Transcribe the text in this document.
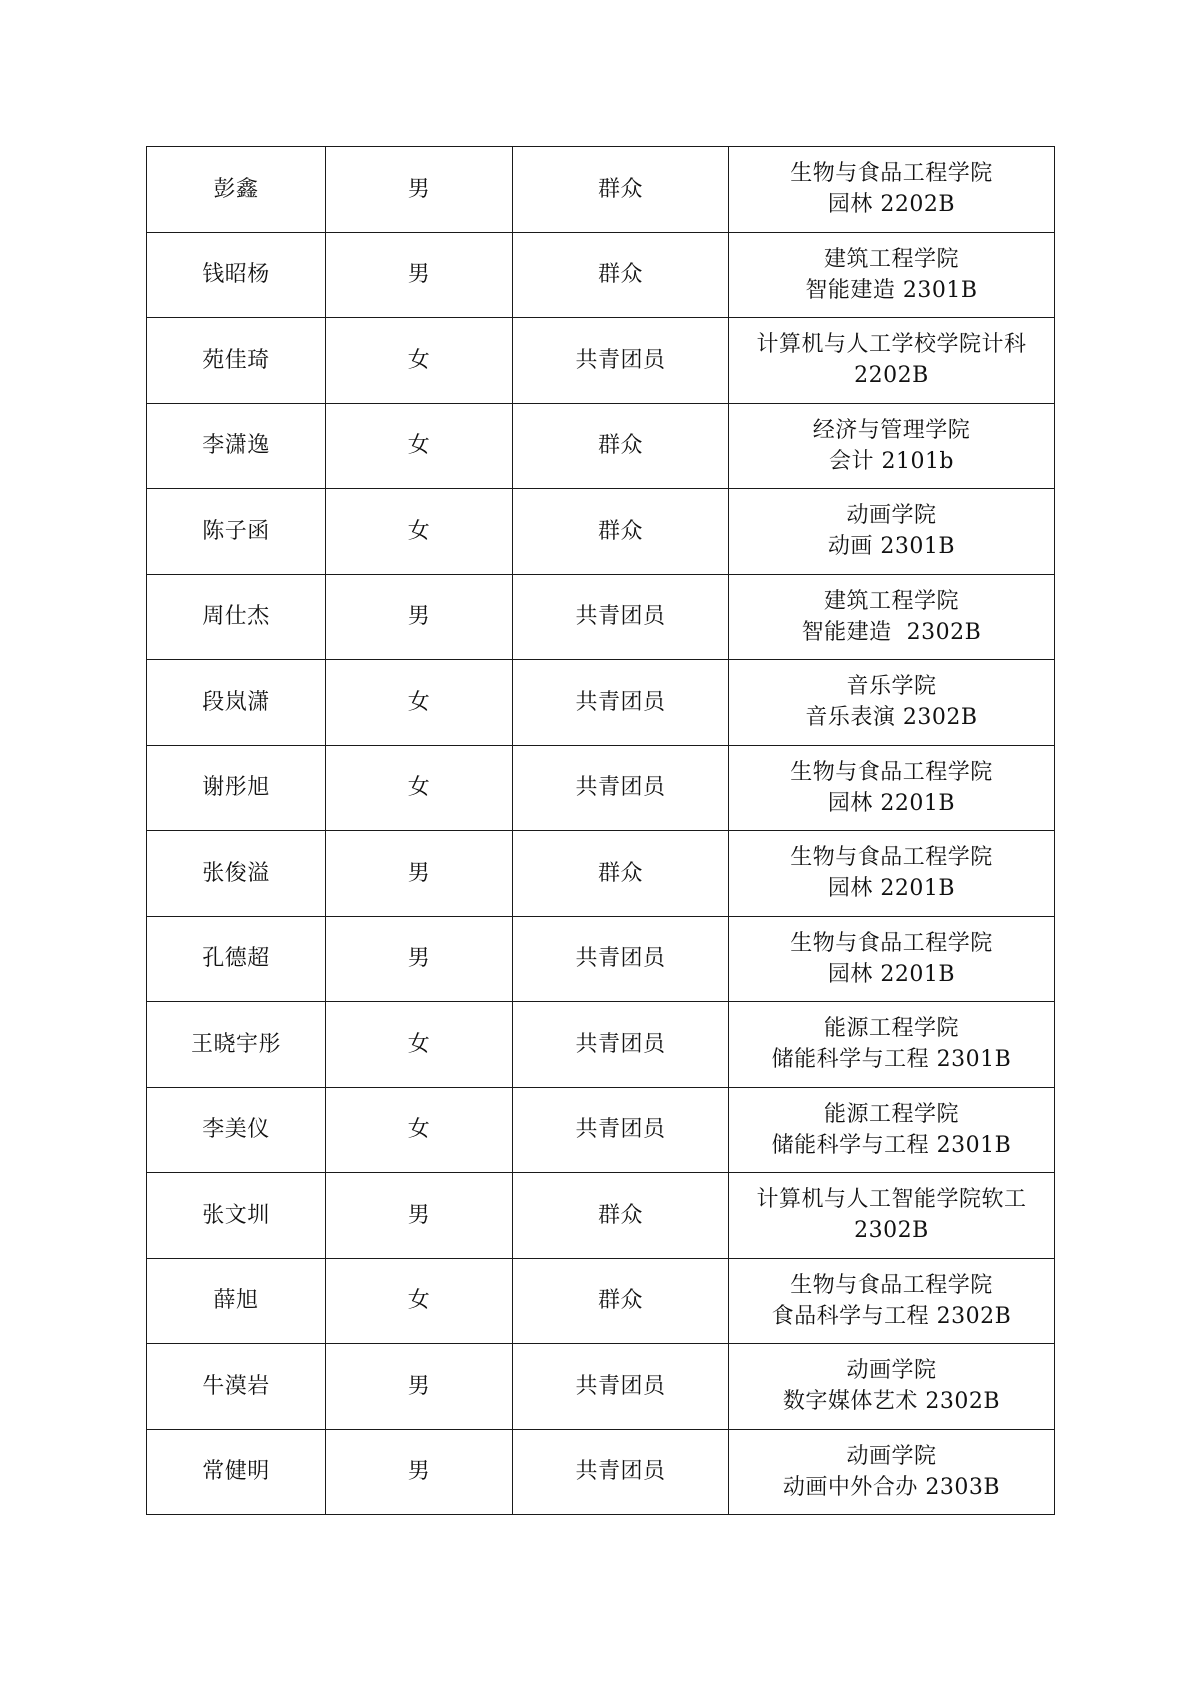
彭鑫	男	群众	生物与食品工程学院
园林 2202B

钱昭杨	男	群众	建筑工程学院
智能建造 2301B

苑佳琦	女	共青团员	计算机与人工学校学院计科
2202B

李潇逸	女	群众	经济与管理学院
会计 2101b

陈子函	女	群众	动画学院
动画 2301B

周仕杰	男	共青团员	建筑工程学院
智能建造  2302B

段岚潇	女	共青团员	音乐学院
音乐表演 2302B

谢彤旭	女	共青团员	生物与食品工程学院
园林 2201B

张俊溢	男	群众	生物与食品工程学院
园林 2201B

孔德超	男	共青团员	生物与食品工程学院
园林 2201B

王晓宇彤	女	共青团员	能源工程学院
储能科学与工程 2301B

李美仪	女	共青团员	能源工程学院
储能科学与工程 2301B

张文圳	男	群众	计算机与人工智能学院软工
2302B

薛旭	女	群众	生物与食品工程学院
食品科学与工程 2302B

牛漠岩	男	共青团员	动画学院
数字媒体艺术 2302B

常健明	男	共青团员	动画学院
动画中外合办 2303B
